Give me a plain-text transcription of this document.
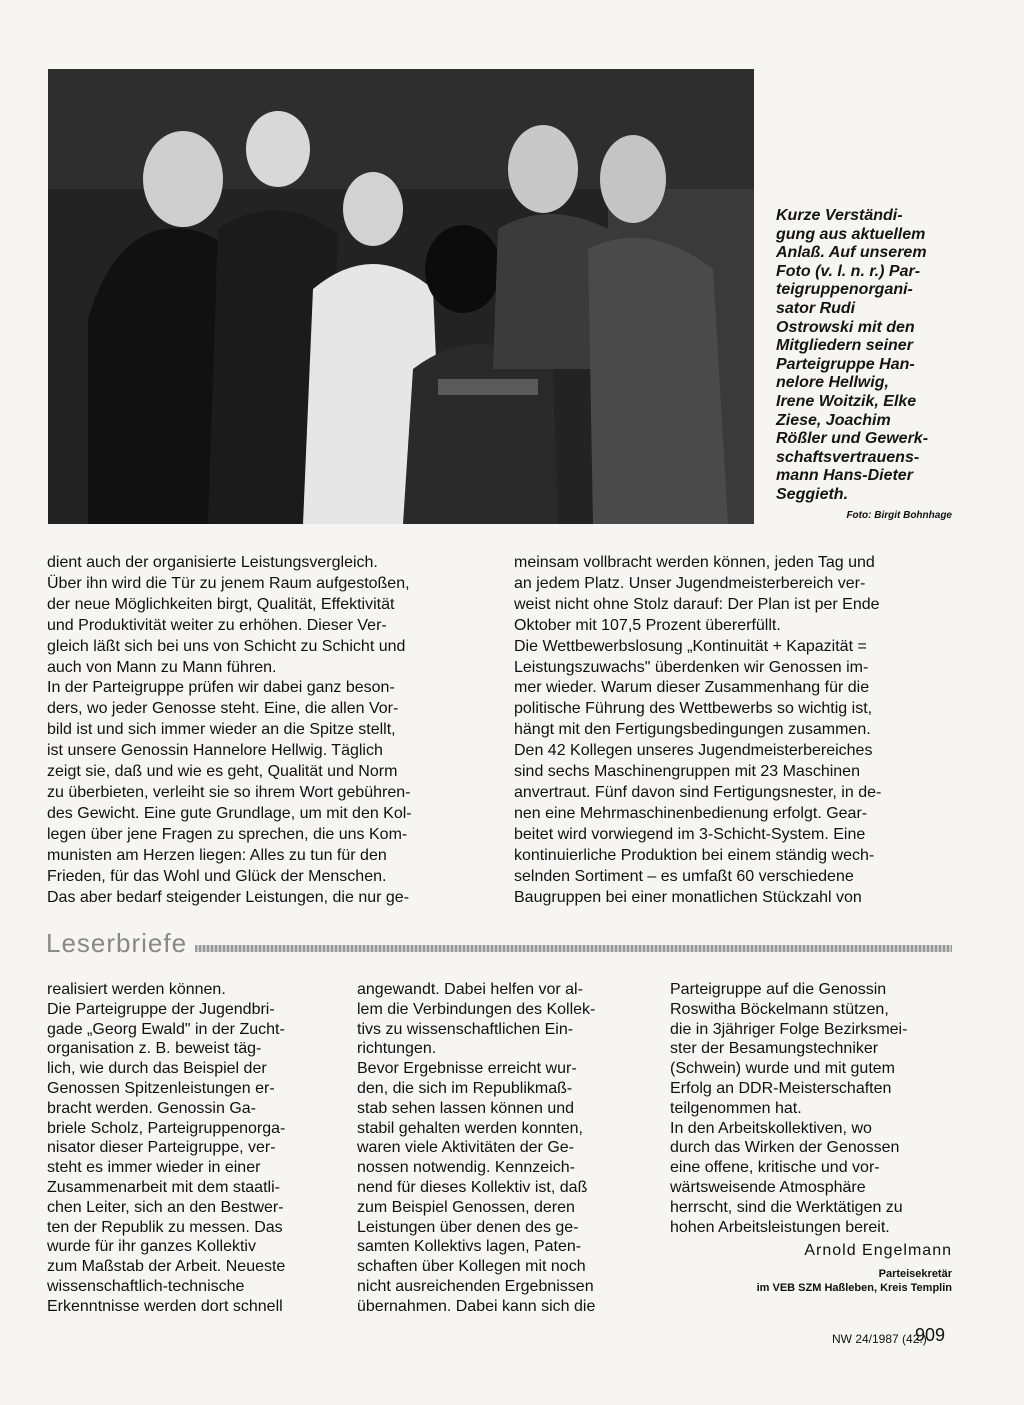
Kurze Verständi-
gung aus aktuellem
Anlaß. Auf unserem
Foto (v. l. n. r.) Par-
teigruppenorgani-
sator Rudi
Ostrowski mit den
Mitgliedern seiner
Parteigruppe Han-
nelore Hellwig,
Irene Woitzik, Elke
Ziese, Joachim
Rößler und Gewerk-
schaftsvertrauens-
mann Hans-Dieter
Seggieth.
Foto: Birgit Bohnhage
dient auch der organisierte Leistungsvergleich.
Über ihn wird die Tür zu jenem Raum aufgestoßen,
der neue Möglichkeiten birgt, Qualität, Effektivität
und Produktivität weiter zu erhöhen. Dieser Ver-
gleich läßt sich bei uns von Schicht zu Schicht und
auch von Mann zu Mann führen.
In der Parteigruppe prüfen wir dabei ganz beson-
ders, wo jeder Genosse steht. Eine, die allen Vor-
bild ist und sich immer wieder an die Spitze stellt,
ist unsere Genossin Hannelore Hellwig. Täglich
zeigt sie, daß und wie es geht, Qualität und Norm
zu überbieten, verleiht sie so ihrem Wort gebühren-
des Gewicht. Eine gute Grundlage, um mit den Kol-
legen über jene Fragen zu sprechen, die uns Kom-
munisten am Herzen liegen: Alles zu tun für den
Frieden, für das Wohl und Glück der Menschen.
Das aber bedarf steigender Leistungen, die nur ge-
meinsam vollbracht werden können, jeden Tag und
an jedem Platz. Unser Jugendmeisterbereich ver-
weist nicht ohne Stolz darauf: Der Plan ist per Ende
Oktober mit 107,5 Prozent übererfüllt.
Die Wettbewerbslosung „Kontinuität + Kapazität =
Leistungszuwachs" überdenken wir Genossen im-
mer wieder. Warum dieser Zusammenhang für die
politische Führung des Wettbewerbs so wichtig ist,
hängt mit den Fertigungsbedingungen zusammen.
Den 42 Kollegen unseres Jugendmeisterbereiches
sind sechs Maschinengruppen mit 23 Maschinen
anvertraut. Fünf davon sind Fertigungsnester, in de-
nen eine Mehrmaschinenbedienung erfolgt. Gear-
beitet wird vorwiegend im 3-Schicht-System. Eine
kontinuierliche Produktion bei einem ständig wech-
selnden Sortiment – es umfaßt 60 verschiedene
Baugruppen bei einer monatlichen Stückzahl von
Leserbriefe
realisiert werden können.
Die Parteigruppe der Jugendbri-
gade „Georg Ewald" in der Zucht-
organisation z. B. beweist täg-
lich, wie durch das Beispiel der
Genossen Spitzenleistungen er-
bracht werden. Genossin Ga-
briele Scholz, Parteigruppenorga-
nisator dieser Parteigruppe, ver-
steht es immer wieder in einer
Zusammenarbeit mit dem staatli-
chen Leiter, sich an den Bestwer-
ten der Republik zu messen. Das
wurde für ihr ganzes Kollektiv
zum Maßstab der Arbeit. Neueste
wissenschaftlich-technische
Erkenntnisse werden dort schnell
angewandt. Dabei helfen vor al-
lem die Verbindungen des Kollek-
tivs zu wissenschaftlichen Ein-
richtungen.
Bevor Ergebnisse erreicht wur-
den, die sich im Republikmaß-
stab sehen lassen können und
stabil gehalten werden konnten,
waren viele Aktivitäten der Ge-
nossen notwendig. Kennzeich-
nend für dieses Kollektiv ist, daß
zum Beispiel Genossen, deren
Leistungen über denen des ge-
samten Kollektivs lagen, Paten-
schaften über Kollegen mit noch
nicht ausreichenden Ergebnissen
übernahmen. Dabei kann sich die
Parteigruppe auf die Genossin
Roswitha Böckelmann stützen,
die in 3jähriger Folge Bezirksmei-
ster der Besamungstechniker
(Schwein) wurde und mit gutem
Erfolg an DDR-Meisterschaften
teilgenommen hat.
In den Arbeitskollektiven, wo
durch das Wirken der Genossen
eine offene, kritische und vor-
wärtsweisende Atmosphäre
herrscht, sind die Werktätigen zu
hohen Arbeitsleistungen bereit.
Arnold Engelmann
Parteisekretär
im VEB SZM Haßleben, Kreis Templin
NW 24/1987 (42.)
909
